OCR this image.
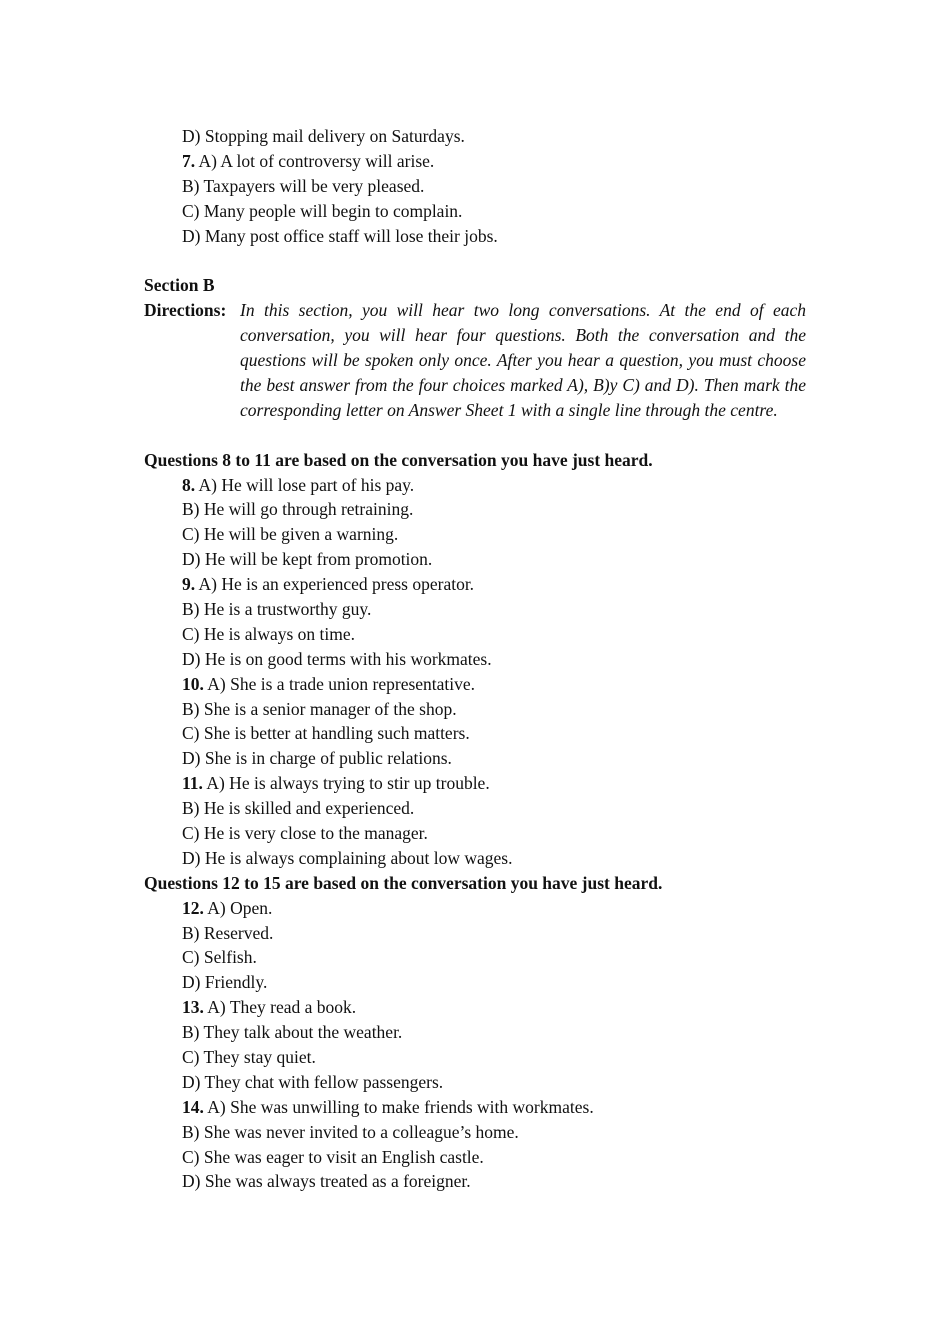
D) Stopping mail delivery on Saturdays.
7. A) A lot of controversy will arise.
B) Taxpayers will be very pleased.
C) Many people will begin to complain.
D) Many post office staff will lose their jobs.
Section B
Directions: In this section, you will hear two long conversations. At the end of each conversation, you will hear four questions. Both the conversation and the questions will be spoken only once. After you hear a question, you must choose the best answer from the four choices marked A), B)y C) and D). Then mark the corresponding letter on Answer Sheet 1 with a single line through the centre.
Questions 8 to 11 are based on the conversation you have just heard.
8. A) He will lose part of his pay.
B) He will go through retraining.
C) He will be given a warning.
D) He will be kept from promotion.
9. A) He is an experienced press operator.
B) He is a trustworthy guy.
C) He is always on time.
D) He is on good terms with his workmates.
10. A) She is a trade union representative.
B) She is a senior manager of the shop.
C) She is better at handling such matters.
D) She is in charge of public relations.
11. A) He is always trying to stir up trouble.
B) He is skilled and experienced.
C) He is very close to the manager.
D) He is always complaining about low wages.
Questions 12 to 15 are based on the conversation you have just heard.
12. A) Open.
B) Reserved.
C) Selfish.
D) Friendly.
13. A) They read a book.
B) They talk about the weather.
C) They stay quiet.
D) They chat with fellow passengers.
14. A) She was unwilling to make friends with workmates.
B) She was never invited to a colleague’s home.
C) She was eager to visit an English castle.
D) She was always treated as a foreigner.
